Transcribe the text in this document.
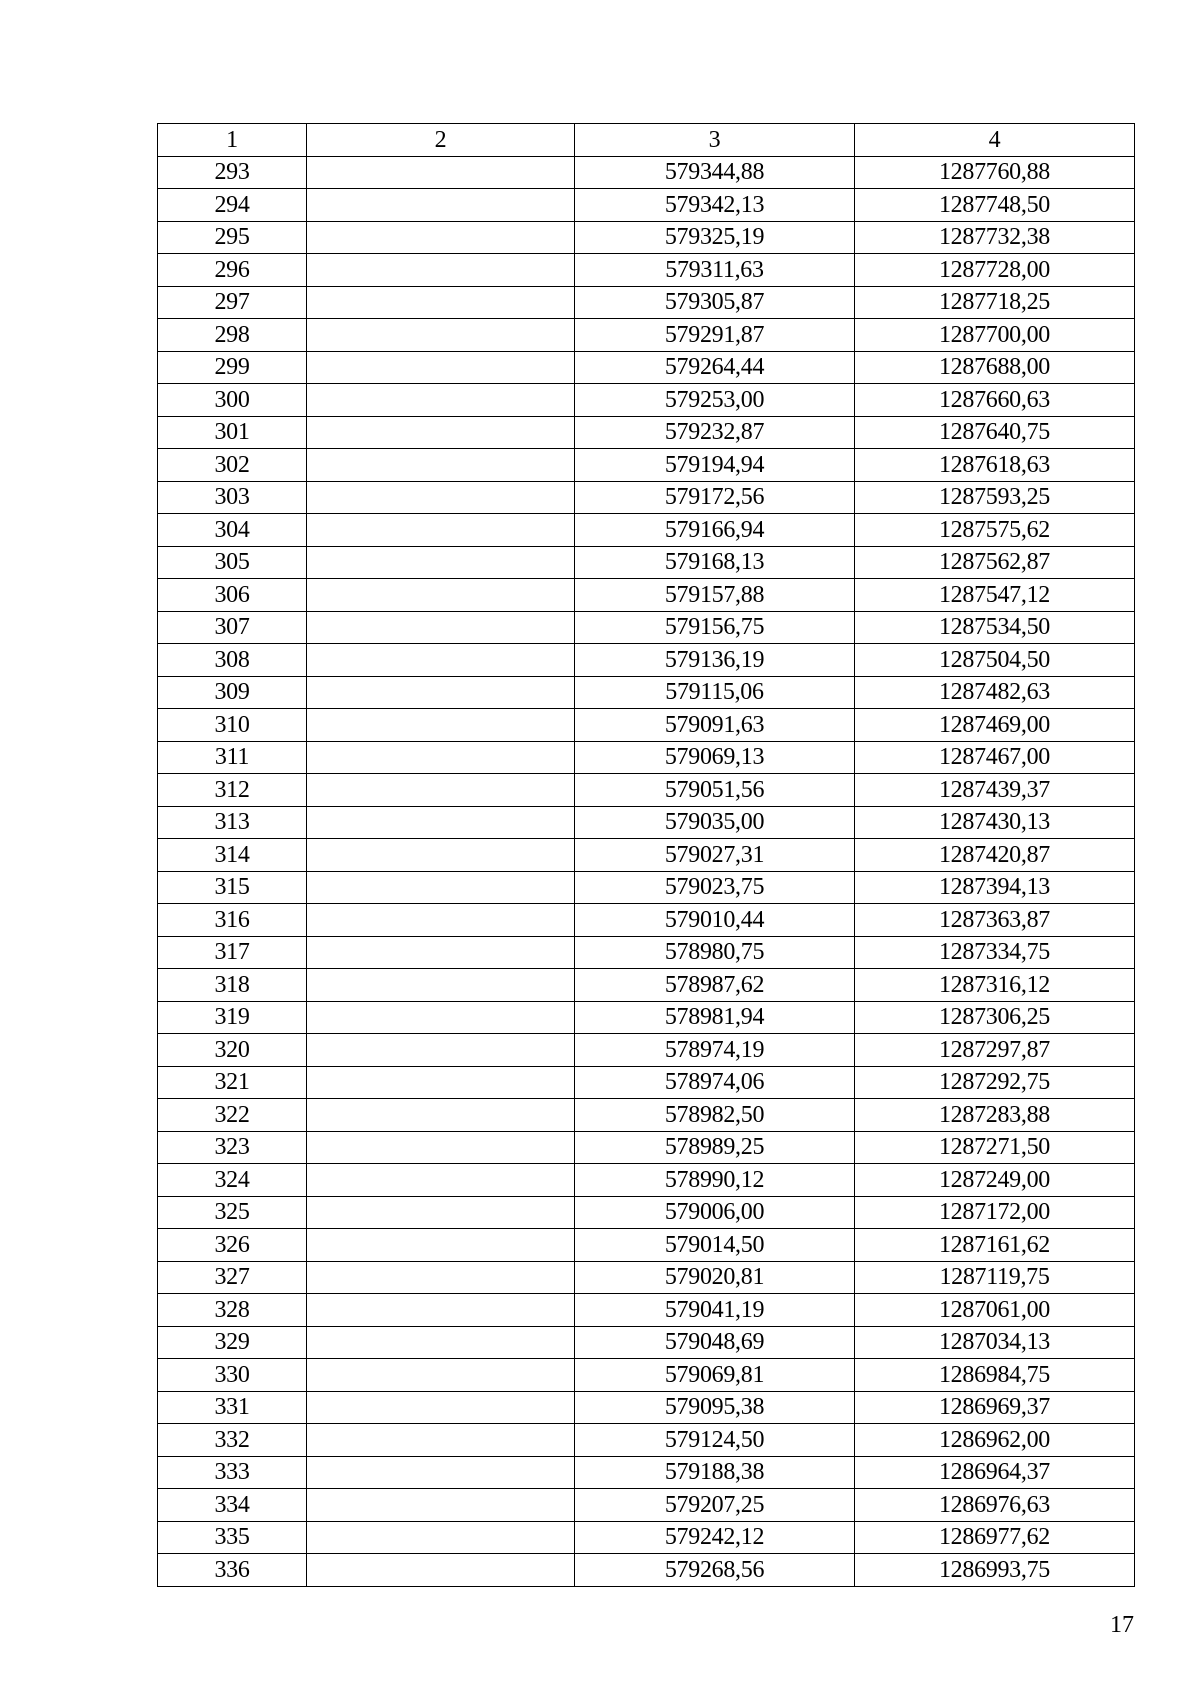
1	2	3	4
293		579344,88	1287760,88
294		579342,13	1287748,50
295		579325,19	1287732,38
296		579311,63	1287728,00
297		579305,87	1287718,25
298		579291,87	1287700,00
299		579264,44	1287688,00
300		579253,00	1287660,63
301		579232,87	1287640,75
302		579194,94	1287618,63
303		579172,56	1287593,25
304		579166,94	1287575,62
305		579168,13	1287562,87
306		579157,88	1287547,12
307		579156,75	1287534,50
308		579136,19	1287504,50
309		579115,06	1287482,63
310		579091,63	1287469,00
311		579069,13	1287467,00
312		579051,56	1287439,37
313		579035,00	1287430,13
314		579027,31	1287420,87
315		579023,75	1287394,13
316		579010,44	1287363,87
317		578980,75	1287334,75
318		578987,62	1287316,12
319		578981,94	1287306,25
320		578974,19	1287297,87
321		578974,06	1287292,75
322		578982,50	1287283,88
323		578989,25	1287271,50
324		578990,12	1287249,00
325		579006,00	1287172,00
326		579014,50	1287161,62
327		579020,81	1287119,75
328		579041,19	1287061,00
329		579048,69	1287034,13
330		579069,81	1286984,75
331		579095,38	1286969,37
332		579124,50	1286962,00
333		579188,38	1286964,37
334		579207,25	1286976,63
335		579242,12	1286977,62
336		579268,56	1286993,75
17
